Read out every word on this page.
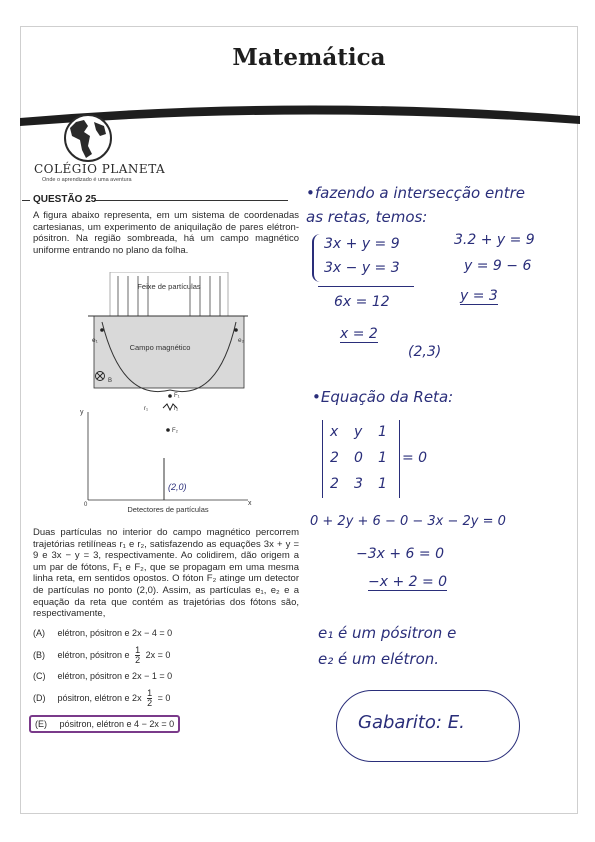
Matemática
COLÉGIO PLANETA
Onde o aprendizado é uma aventura
QUESTÃO 25
A figura abaixo representa, em um sistema de coordenadas cartesianas, um experimento de aniquilação de pares elétron-pósitron. Na região sombreada, há um campo magnético uniforme entrando no plano da folha.
Feixe de partículas
Campo magnético
e₁	e₂
B
F₁
r₁	r₂
F₂
y
x
0
(2,0)
Detectores de partículas
Duas partículas no interior do campo magnético percorrem trajetórias retilíneas r₁ e r₂, satisfazendo as equações 3x + y = 9 e 3x − y = 3, respectivamente. Ao colidirem, dão origem a um par de fótons, F₁ e F₂, que se propagam em uma mesma linha reta, em sentidos opostos. O fóton F₂ atinge um detector de partículas no ponto (2,0). Assim, as partículas e₁, e₂ e a equação da reta que contém as trajetórias dos fótons são, respectivamente,
(A) elétron, pósitron e 2x − 4 = 0
(B) elétron, pósitron e $\frac{1}{2} 2x = 0$
(C) elétron, pósitron e 2x − 1 = 0
(D) pósitron, elétron e $2x \frac{1}{2} = 0$
(E) pósitron, elétron e 4 − 2x = 0
•fazendo a intersecção entre
as retas, temos:
3x + y = 9
3x − y = 3
6x = 12
x = 2
3.2 + y = 9
y = 9 − 6
y = 3
(2,3)
•Equação da Reta:
x y 1
2 0 1
2 3 1
= 0
0 + 2y + 6 − 0 − 3x − 2y = 0
−3x + 6 = 0
−x + 2 = 0
e₁ é um pósitron e
e₂ é um elétron.
Gabarito: E.
